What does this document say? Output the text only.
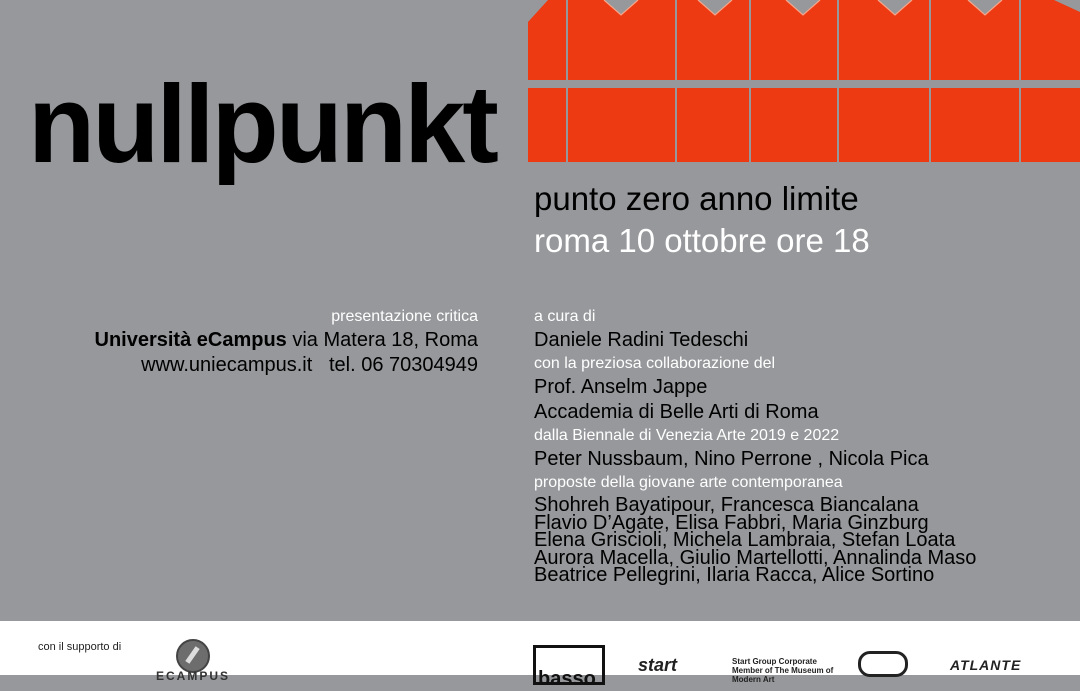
nullpunkt
punto zero anno limite
roma 10 ottobre ore 18
presentazione critica
Università eCampus via Matera 18, Roma
www.uniecampus.it   tel. 06 70304949
a cura di
Daniele Radini Tedeschi
con la preziosa collaborazione del
Prof. Anselm Jappe
Accademia di Belle Arti di Roma
dalla Biennale di Venezia Arte 2019 e 2022
Peter Nussbaum, Nino Perrone , Nicola Pica
proposte della giovane arte contemporanea
Shohreh Bayatipour, Francesca Biancalana
Flavio D’Agate, Elisa Fabbri, Maria Ginzburg
Elena Griscioli, Michela Lambraia, Stefan Loata
Aurora Macella, Giulio Martellotti, Annalinda Maso
Beatrice Pellegrini, Ilaria Racca, Alice Sortino
con il supporto di
ECAMPUS	basso
start	Start Group Corporate Member of The Museum of Modern Art
ATLANTE
